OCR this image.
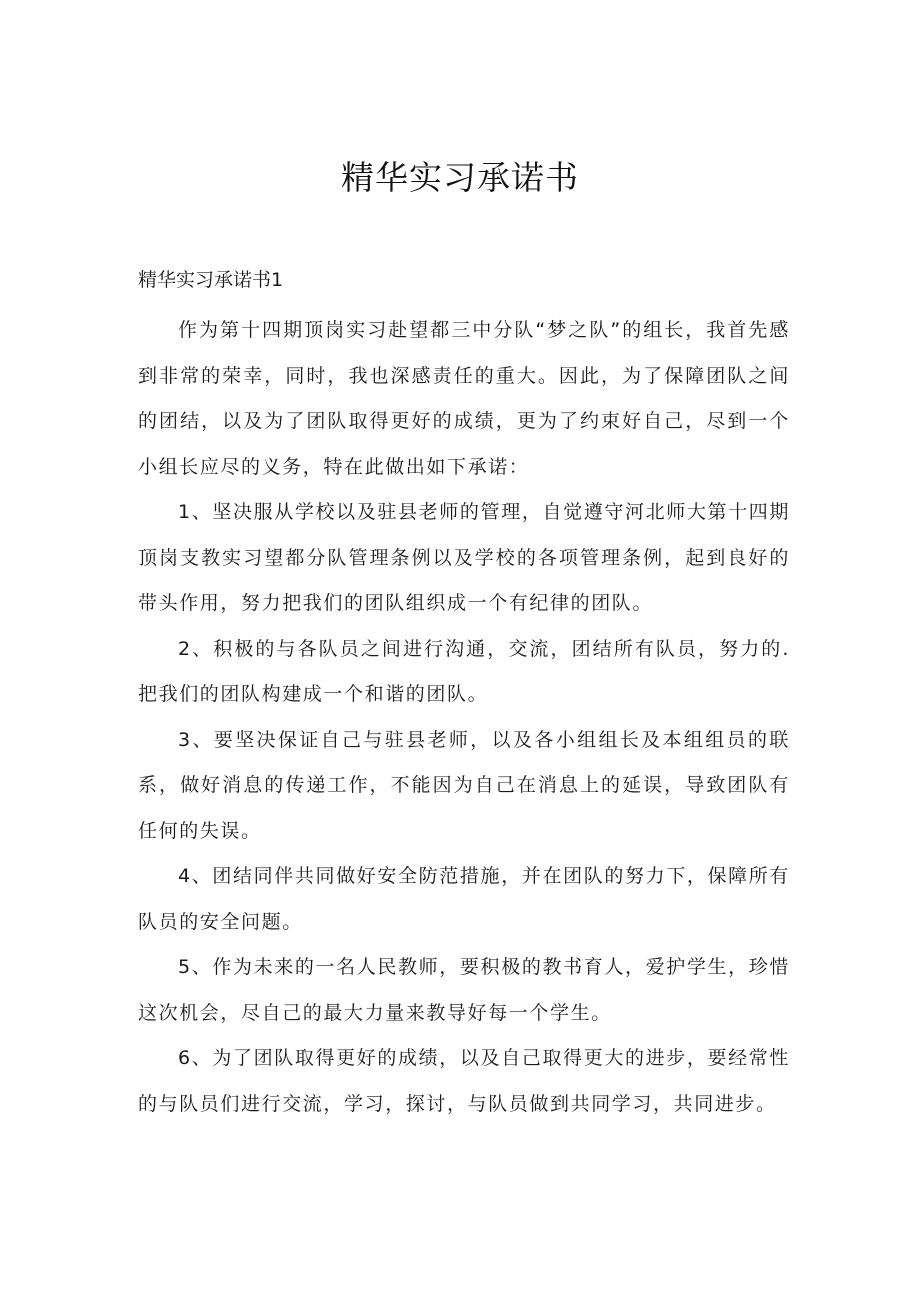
精华实习承诺书

精华实习承诺书1

作为第十四期顶岗实习赴望都三中分队“梦之队”的组长，我首先感到非常的荣幸，同时，我也深感责任的重大。因此，为了保障团队之间的团结，以及为了团队取得更好的成绩，更为了约束好自己，尽到一个小组长应尽的义务，特在此做出如下承诺：

1、坚决服从学校以及驻县老师的管理，自觉遵守河北师大第十四期顶岗支教实习望都分队管理条例以及学校的各项管理条例，起到良好的带头作用，努力把我们的团队组织成一个有纪律的团队。

2、积极的与各队员之间进行沟通，交流，团结所有队员，努力的.把我们的团队构建成一个和谐的团队。

3、要坚决保证自己与驻县老师，以及各小组组长及本组组员的联系，做好消息的传递工作，不能因为自己在消息上的延误，导致团队有任何的失误。

4、团结同伴共同做好安全防范措施，并在团队的努力下，保障所有队员的安全问题。

5、作为未来的一名人民教师，要积极的教书育人，爱护学生，珍惜这次机会，尽自己的最大力量来教导好每一个学生。

6、为了团队取得更好的成绩，以及自己取得更大的进步，要经常性的与队员们进行交流，学习，探讨，与队员做到共同学习，共同进步。
